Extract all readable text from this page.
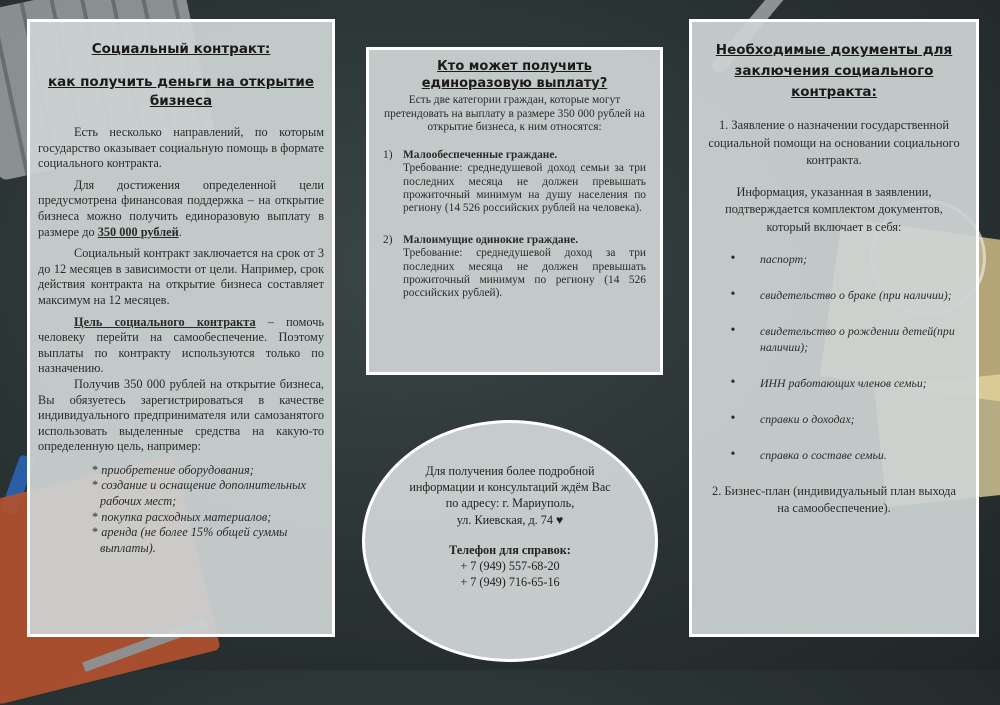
Социальный контракт:
как получить деньги на открытие бизнеса

Есть несколько направлений, по которым государство оказывает социальную помощь в формате социального контракта.

Для достижения определенной цели предусмотрена финансовая поддержка – на открытие бизнеса можно получить единоразовую выплату в размере до 350 000 рублей.

Социальный контракт заключается на срок от 3 до 12 месяцев в зависимости от цели. Например, срок действия контракта на открытие бизнеса составляет максимум на 12 месяцев.

Цель социального контракта – помочь человеку перейти на самообеспечение. Поэтому выплаты по контракту используются только по назначению.

Получив 350 000 рублей на открытие бизнеса, Вы обязуетесь зарегистрироваться в качестве индивидуального предпринимателя или самозанятого использовать выделенные средства на какую-то определенную цель, например:

* приобретение оборудования;
* создание и оснащение дополнительных рабочих мест;
* покупка расходных материалов;
* аренда (не более 15% общей суммы выплаты).
Кто может получить единоразовую выплату?

Есть две категории граждан, которые могут претендовать на выплату в размере 350 000 рублей на открытие бизнеса, к ним относятся:

1) Малообеспеченные граждане.
Требование: среднедушевой доход семьи за три последних месяца не должен превышать прожиточный минимум на душу населения по региону (14 526 российских рублей на человека).
2) Малоимущие одинокие граждане.
Требование: среднедушевой доход за три последних месяца не должен превышать прожиточный минимум по региону (14 526 российских рублей).

Для получения более подробной информации и консультаций ждём Вас по адресу: г. Мариуполь,

ул. Киевская, д. 74 ♥

Телефон для справок:

+ 7 (949) 557-68-20

+ 7 (949) 716-65-16

Необходимые документы для заключения социального контракта:

1. Заявление о назначении государственной социальной помощи на основании социального контракта.

Информация, указанная в заявлении, подтверждается комплектом документов, который включает в себя:

•	паспорт;
•	свидетельство о браке (при наличии);
•	свидетельство о рождении детей(при наличии);
•	ИНН работающих членов семьи;
•	справки о доходах;
•	справка о составе семьи.

2. Бизнес-план (индивидуальный план выхода на самообеспечение).
